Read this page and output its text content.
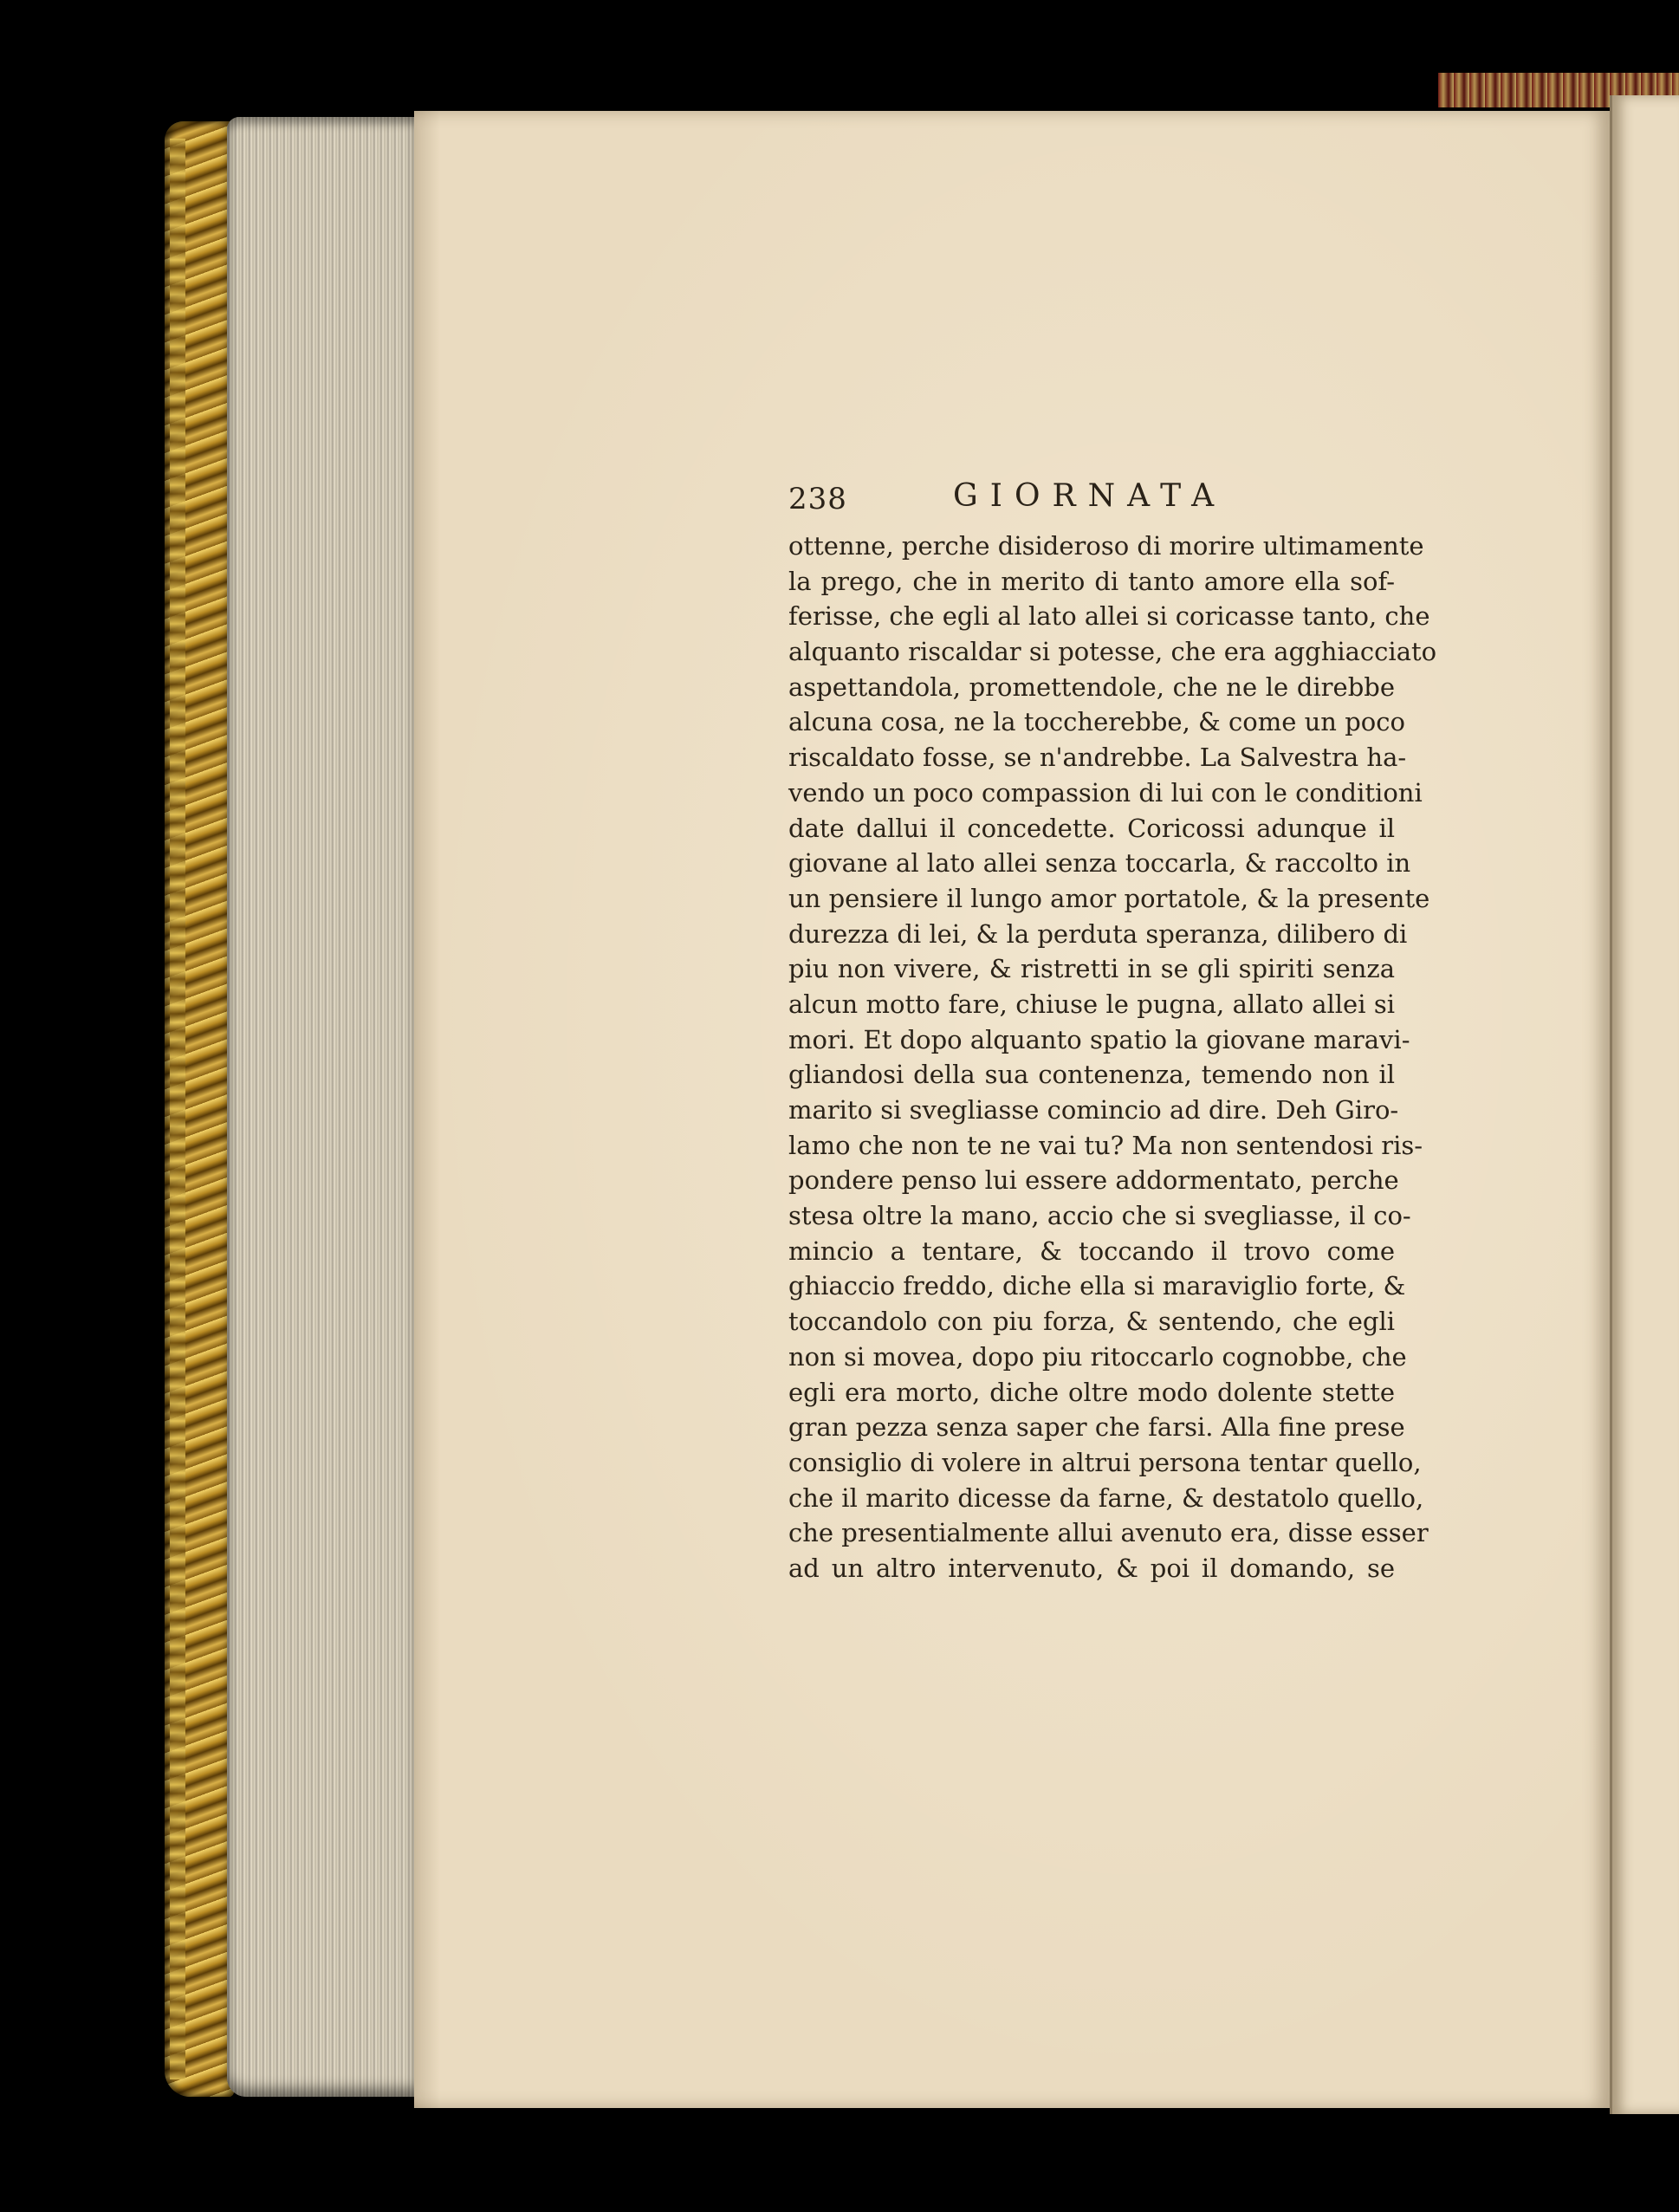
238	GIORNATA
ottenne, perche disideroso di morire ultimamente
la prego, che in merito di tanto amore ella sof-
ferisse, che egli al lato allei si coricasse tanto, che
alquanto riscaldar si potesse, che era agghiacciato
aspettandola, promettendole, che ne le direbbe
alcuna cosa, ne la toccherebbe, & come un poco
riscaldato fosse, se n'andrebbe. La Salvestra ha-
vendo un poco compassion di lui con le conditioni
date dallui il concedette. Coricossi adunque il
giovane al lato allei senza toccarla, & raccolto in
un pensiere il lungo amor portatole, & la presente
durezza di lei, & la perduta speranza, dilibero di
piu non vivere, & ristretti in se gli spiriti senza
alcun motto fare, chiuse le pugna, allato allei si
mori. Et dopo alquanto spatio la giovane maravi-
gliandosi della sua contenenza, temendo non il
marito si svegliasse comincio ad dire. Deh Giro-
lamo che non te ne vai tu? Ma non sentendosi ris-
pondere penso lui essere addormentato, perche
stesa oltre la mano, accio che si svegliasse, il co-
mincio a tentare, & toccando il trovo come
ghiaccio freddo, diche ella si maraviglio forte, &
toccandolo con piu forza, & sentendo, che egli
non si movea, dopo piu ritoccarlo cognobbe, che
egli era morto, diche oltre modo dolente stette
gran pezza senza saper che farsi. Alla fine prese
consiglio di volere in altrui persona tentar quello,
che il marito dicesse da farne, & destatolo quello,
che presentialmente allui avenuto era, disse esser
ad un altro intervenuto, & poi il domando, se
